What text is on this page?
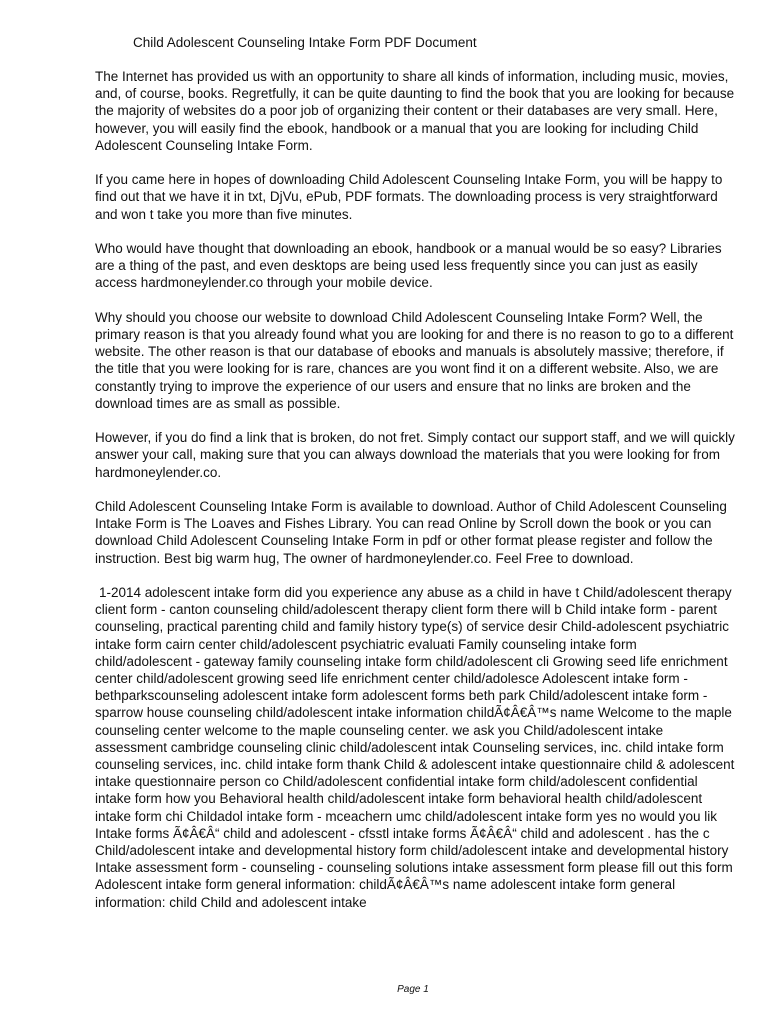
Child Adolescent Counseling Intake Form PDF Document

The Internet has provided us with an opportunity to share all kinds of information, including music, movies, and, of course, books. Regretfully, it can be quite daunting to find the book that you are looking for because the majority of websites do a poor job of organizing their content or their databases are very small. Here, however, you will easily find the ebook, handbook or a manual that you are looking for including Child Adolescent Counseling Intake Form.

If you came here in hopes of downloading Child Adolescent Counseling Intake Form, you will be happy to find out that we have it in txt, DjVu, ePub, PDF formats. The downloading process is very straightforward and won t take you more than five minutes.

Who would have thought that downloading an ebook, handbook or a manual would be so easy? Libraries are a thing of the past, and even desktops are being used less frequently since you can just as easily access hardmoneylender.co through your mobile device.

Why should you choose our website to download Child Adolescent Counseling Intake Form? Well, the primary reason is that you already found what you are looking for and there is no reason to go to a different website. The other reason is that our database of ebooks and manuals is absolutely massive; therefore, if the title that you were looking for is rare, chances are you wont find it on a different website. Also, we are constantly trying to improve the experience of our users and ensure that no links are broken and the download times are as small as possible.

However, if you do find a link that is broken, do not fret. Simply contact our support staff, and we will quickly answer your call, making sure that you can always download the materials that you were looking for from hardmoneylender.co.

Child Adolescent Counseling Intake Form is available to download. Author of Child Adolescent Counseling Intake Form is The Loaves and Fishes Library. You can read Online by Scroll down the book or you can download Child Adolescent Counseling Intake Form in pdf or other format please register and follow the instruction. Best big warm hug, The owner of hardmoneylender.co. Feel Free to download.

1-2014 adolescent intake form did you experience any abuse as a child in have t Child/adolescent therapy client form - canton counseling child/adolescent therapy client form there will b Child intake form - parent counseling, practical parenting child and family history type(s) of service desir Child-adolescent psychiatric intake form cairn center child/adolescent psychiatric evaluati Family counseling intake form child/adolescent - gateway family counseling intake form child/adolescent cli Growing seed life enrichment center child/adolescent growing seed life enrichment center child/adolesce Adolescent intake form - bethparkscounseling adolescent intake form adolescent forms beth park Child/adolescent intake form - sparrow house counseling child/adolescent intake information childÃ¢Â€Â™s name Welcome to the maple counseling center welcome to the maple counseling center. we ask you Child/adolescent intake assessment cambridge counseling clinic child/adolescent intak Counseling services, inc. child intake form counseling services, inc. child intake form thank Child & adolescent intake questionnaire child & adolescent intake questionnaire person co Child/adolescent confidential intake form child/adolescent confidential intake form how you Behavioral health child/adolescent intake form behavioral health child/adolescent intake form chi Childadol intake form - mceachern umc child/adolescent intake form yes no would you lik Intake forms Ã¢Â€Â“ child and adolescent - cfsstl intake forms Ã¢Â€Â“ child and adolescent . has the c Child/adolescent intake and developmental history form child/adolescent intake and developmental history Intake assessment form - counseling - counseling solutions intake assessment form please fill out this form Adolescent intake form general information: childÃ¢Â€Â™s name adolescent intake form general information: child Child and adolescent intake

Page 1
